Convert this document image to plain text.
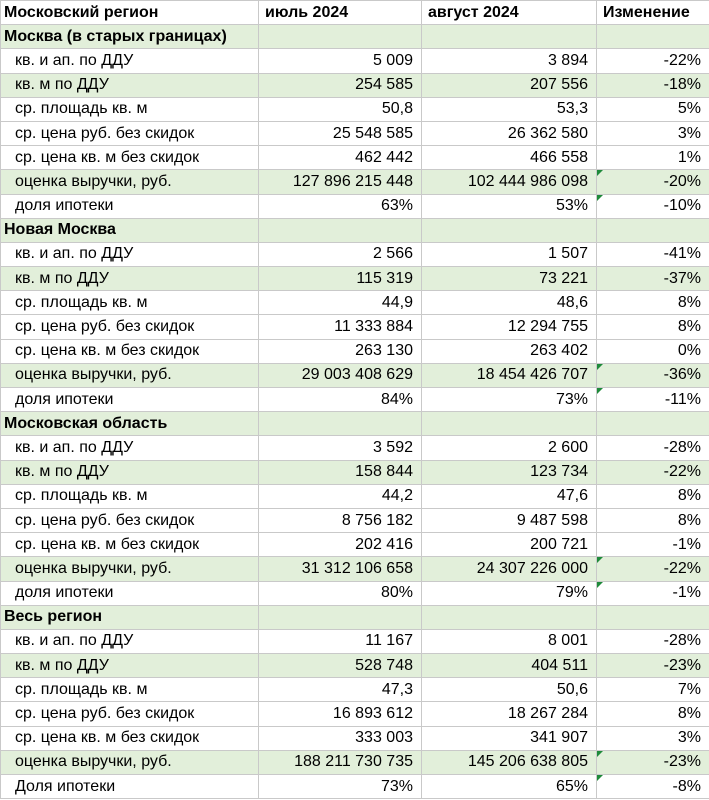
Московский регион	июль 2024	август 2024	Изменение
Москва (в старых границах)			
кв. и ап. по ДДУ	5 009	3 894	-22%
кв. м по ДДУ	254 585	207 556	-18%
ср. площадь кв. м	50,8	53,3	5%
ср. цена руб. без скидок	25 548 585	26 362 580	3%
ср. цена кв. м без скидок	462 442	466 558	1%
оценка выручки, руб.	127 896 215 448	102 444 986 098	-20%
доля ипотеки	63%	53%	-10%
Новая Москва			
кв. и ап. по ДДУ	2 566	1 507	-41%
кв. м по ДДУ	115 319	73 221	-37%
ср. площадь кв. м	44,9	48,6	8%
ср. цена руб. без скидок	11 333 884	12 294 755	8%
ср. цена кв. м без скидок	263 130	263 402	0%
оценка выручки, руб.	29 003 408 629	18 454 426 707	-36%
доля ипотеки	84%	73%	-11%
Московская область			
кв. и ап. по ДДУ	3 592	2 600	-28%
кв. м по ДДУ	158 844	123 734	-22%
ср. площадь кв. м	44,2	47,6	8%
ср. цена руб. без скидок	8 756 182	9 487 598	8%
ср. цена кв. м без скидок	202 416	200 721	-1%
оценка выручки, руб.	31 312 106 658	24 307 226 000	-22%
доля ипотеки	80%	79%	-1%
Весь регион			
кв. и ап. по ДДУ	11 167	8 001	-28%
кв. м по ДДУ	528 748	404 511	-23%
ср. площадь кв. м	47,3	50,6	7%
ср. цена руб. без скидок	16 893 612	18 267 284	8%
ср. цена кв. м без скидок	333 003	341 907	3%
оценка выручки, руб.	188 211 730 735	145 206 638 805	-23%
Доля ипотеки	73%	65%	-8%
